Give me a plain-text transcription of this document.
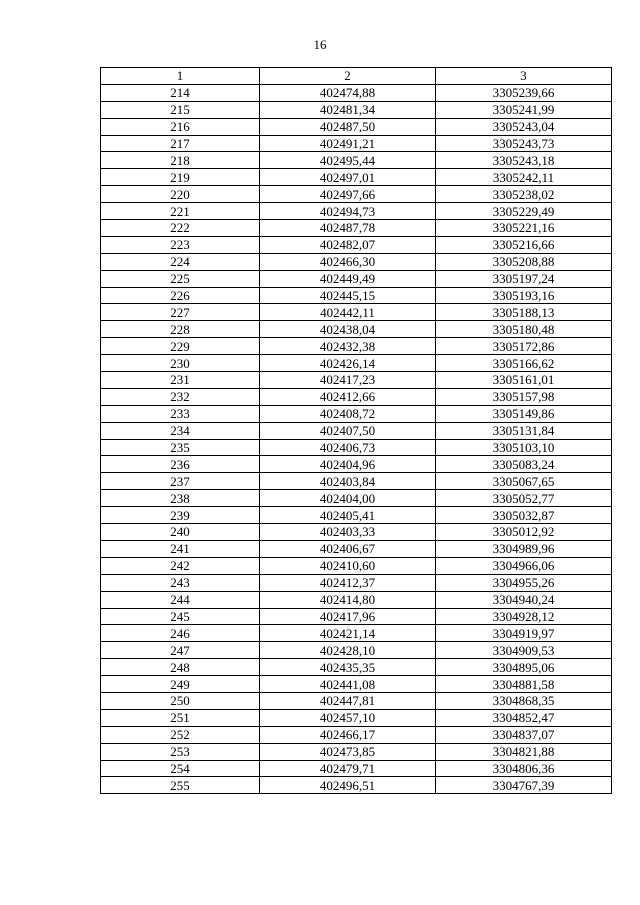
16
1	2	3
214	402474,88	3305239,66
215	402481,34	3305241,99
216	402487,50	3305243,04
217	402491,21	3305243,73
218	402495,44	3305243,18
219	402497,01	3305242,11
220	402497,66	3305238,02
221	402494,73	3305229,49
222	402487,78	3305221,16
223	402482,07	3305216,66
224	402466,30	3305208,88
225	402449,49	3305197,24
226	402445,15	3305193,16
227	402442,11	3305188,13
228	402438,04	3305180,48
229	402432,38	3305172,86
230	402426,14	3305166,62
231	402417,23	3305161,01
232	402412,66	3305157,98
233	402408,72	3305149,86
234	402407,50	3305131,84
235	402406,73	3305103,10
236	402404,96	3305083,24
237	402403,84	3305067,65
238	402404,00	3305052,77
239	402405,41	3305032,87
240	402403,33	3305012,92
241	402406,67	3304989,96
242	402410,60	3304966,06
243	402412,37	3304955,26
244	402414,80	3304940,24
245	402417,96	3304928,12
246	402421,14	3304919,97
247	402428,10	3304909,53
248	402435,35	3304895,06
249	402441,08	3304881,58
250	402447,81	3304868,35
251	402457,10	3304852,47
252	402466,17	3304837,07
253	402473,85	3304821,88
254	402479,71	3304806,36
255	402496,51	3304767,39
